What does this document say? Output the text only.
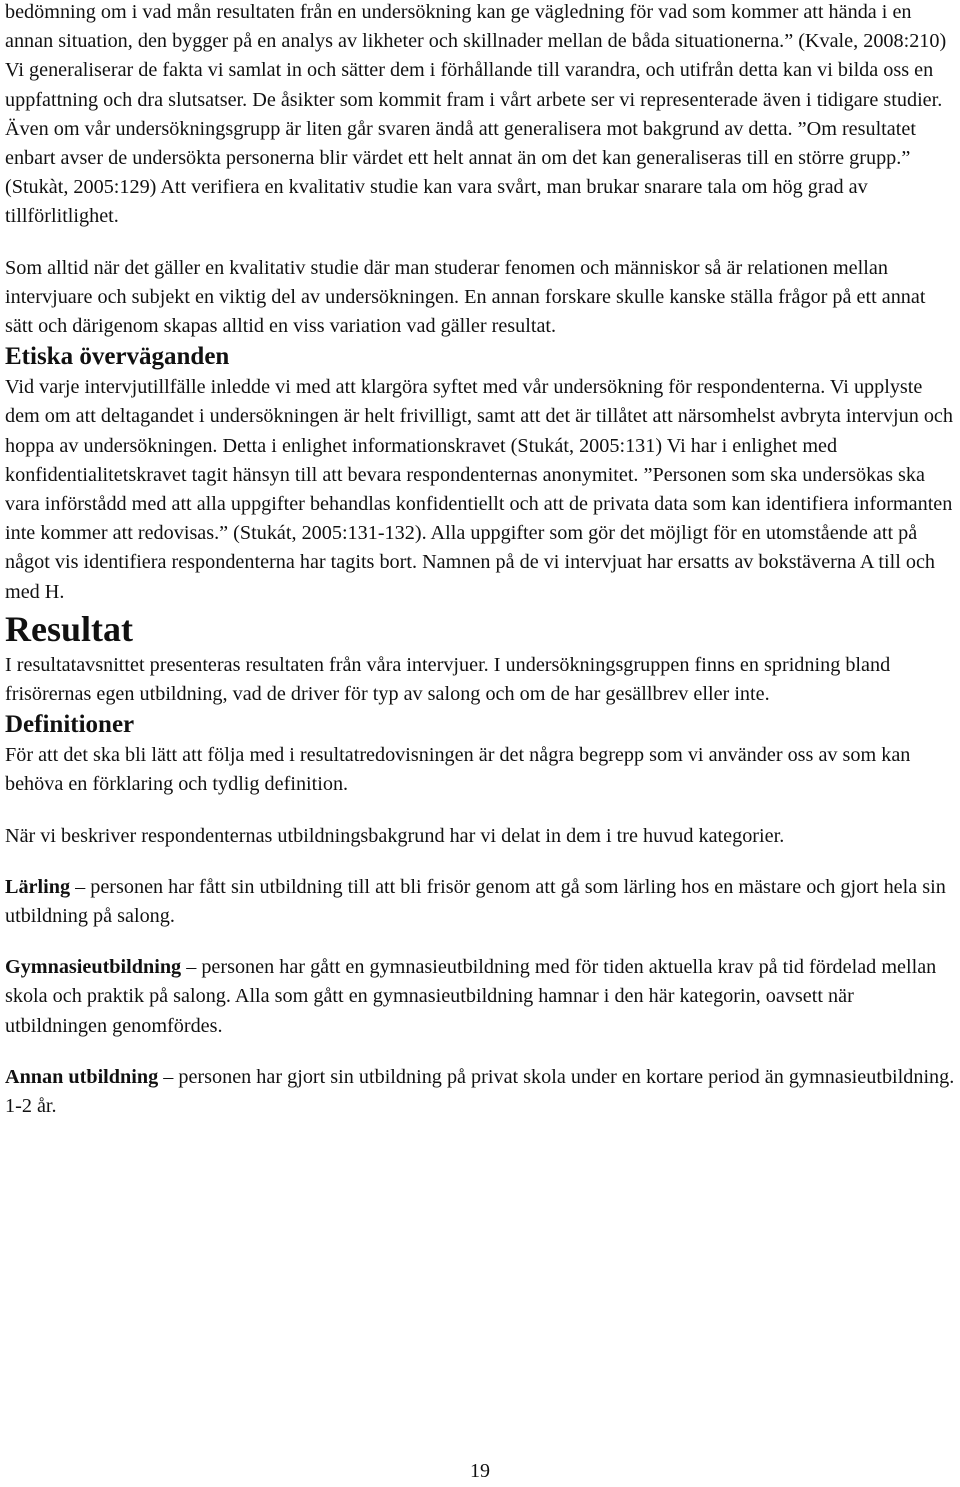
bedömning om i vad mån resultaten från en undersökning kan ge vägledning för vad som kommer att hända i en annan situation, den bygger på en analys av likheter och skillnader mellan de båda situationerna.” (Kvale, 2008:210) Vi generaliserar de fakta vi samlat in och sätter dem i förhållande till varandra, och utifrån detta kan vi bilda oss en uppfattning och dra slutsatser. De åsikter som kommit fram i vårt arbete ser vi representerade även i tidigare studier. Även om vår undersökningsgrupp är liten går svaren ändå att generalisera mot bakgrund av detta. ”Om resultatet enbart avser de undersökta personerna blir värdet ett helt annat än om det kan generaliseras till en större grupp.” (Stukàt, 2005:129) Att verifiera en kvalitativ studie kan vara svårt, man brukar snarare tala om hög grad av tillförlitlighet.

Som alltid när det gäller en kvalitativ studie där man studerar fenomen och människor så är relationen mellan intervjuare och subjekt en viktig del av undersökningen. En annan forskare skulle kanske ställa frågor på ett annat sätt och därigenom skapas alltid en viss variation vad gäller resultat.

Etiska överväganden

Vid varje intervjutillfälle inledde vi med att klargöra syftet med vår undersökning för respondenterna. Vi upplyste dem om att deltagandet i undersökningen är helt frivilligt, samt att det är tillåtet att närsomhelst avbryta intervjun och hoppa av undersökningen. Detta i enlighet informationskravet (Stukát, 2005:131) Vi har i enlighet med konfidentialitetskravet tagit hänsyn till att bevara respondenternas anonymitet. ”Personen som ska undersökas ska vara införstådd med att alla uppgifter behandlas konfidentiellt och att de privata data som kan identifiera informanten inte kommer att redovisas.” (Stukát, 2005:131-132). Alla uppgifter som gör det möjligt för en utomstående att på något vis identifiera respondenterna har tagits bort. Namnen på de vi intervjuat har ersatts av bokstäverna A till och med H.

Resultat

I resultatavsnittet presenteras resultaten från våra intervjuer. I undersökningsgruppen finns en spridning bland frisörernas egen utbildning, vad de driver för typ av salong och om de har gesällbrev eller inte.

Definitioner

För att det ska bli lätt att följa med i resultatredovisningen är det några begrepp som vi använder oss av som kan behöva en förklaring och tydlig definition.

När vi beskriver respondenternas utbildningsbakgrund har vi delat in dem i tre huvud kategorier.

Lärling – personen har fått sin utbildning till att bli frisör genom att gå som lärling hos en mästare och gjort hela sin utbildning på salong.

Gymnasieutbildning – personen har gått en gymnasieutbildning med för tiden aktuella krav på tid fördelad mellan skola och praktik på salong. Alla som gått en gymnasieutbildning hamnar i den här kategorin, oavsett när utbildningen genomfördes.

Annan utbildning – personen har gjort sin utbildning på privat skola under en kortare period än gymnasieutbildning. 1-2 år.

19
